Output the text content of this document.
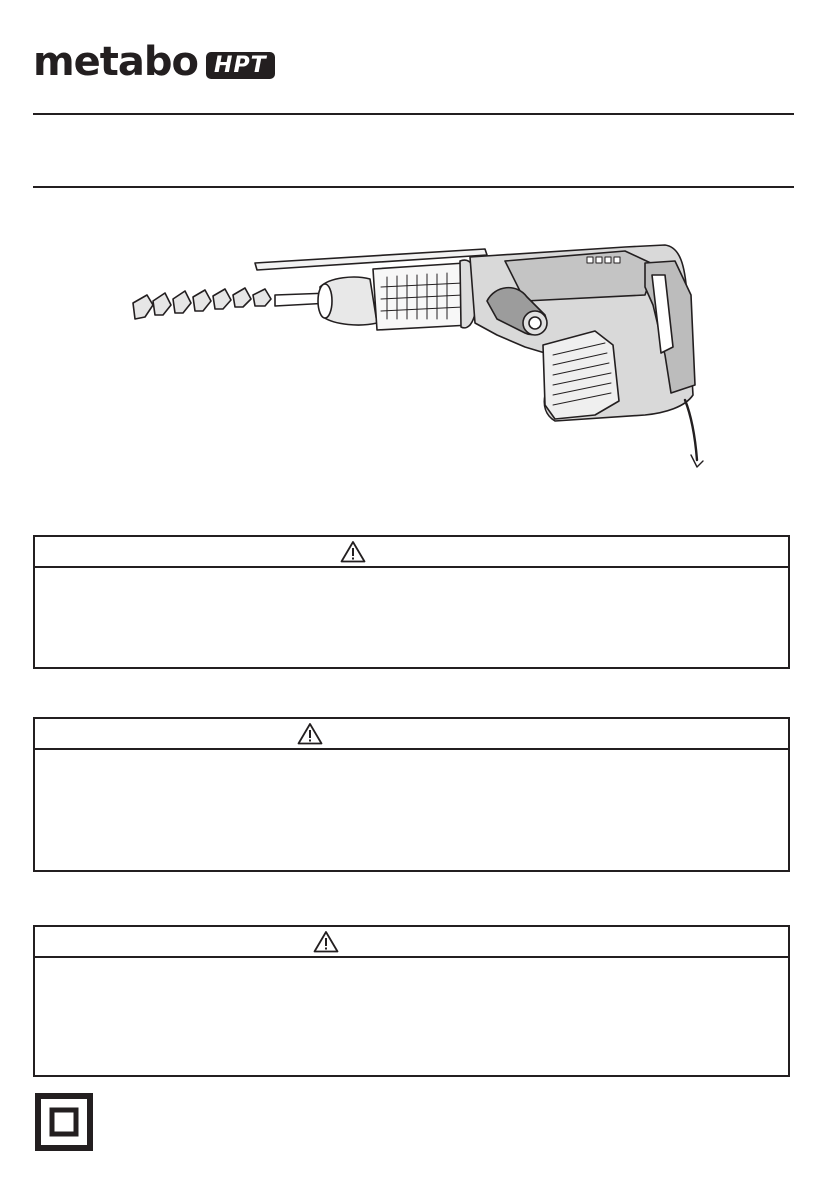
metabo HPT
